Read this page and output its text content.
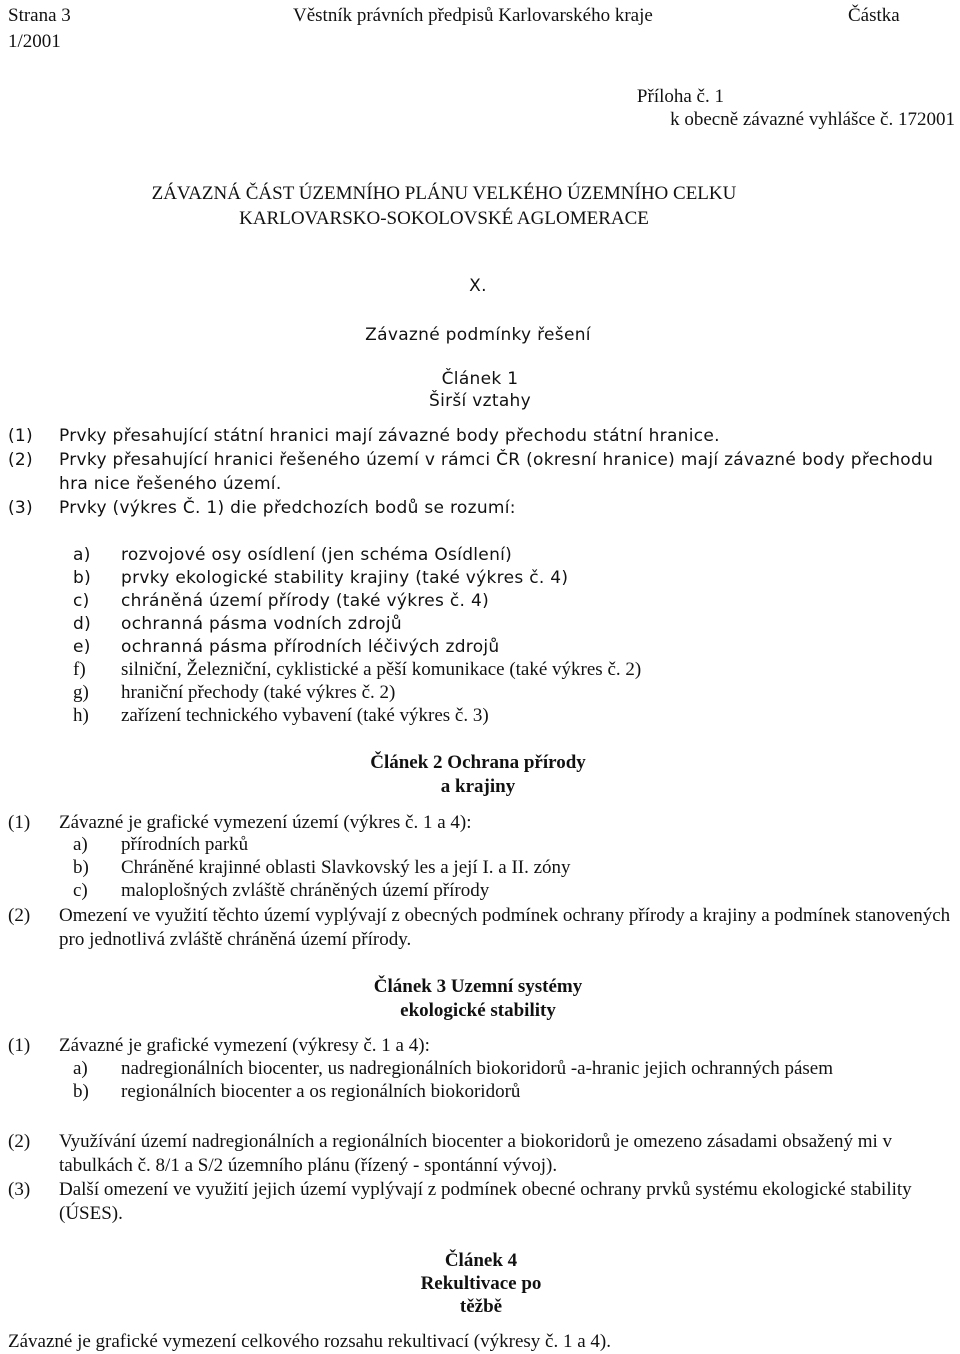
Strana 3
1/2001
Věstník právních předpisů Karlovarského kraje	Částka
Příloha č. 1
k obecně závazné vyhlášce č. 172001
ZÁVAZNÁ ČÁST ÚZEMNÍHO PLÁNU VELKÉHO ÚZEMNÍHO CELKU
KARLOVARSKO-SOKOLOVSKÉ AGLOMERACE
X.
Závazné podmínky řešení
Článek 1
Širší vztahy
(1) Prvky přesahující státní hranici mají závazné body přechodu státní hranice.
(2) Prvky přesahující hranici řešeného území v rámci ČR (okresní hranice) mají závazné body přechodu hra nice řešeného území.
(3) Prvky (výkres Č. 1) die předchozích bodů se rozumí:
a) rozvojové osy osídlení (jen schéma Osídlení)
b) prvky ekologické stability krajiny (také výkres č. 4)
c) chráněná území přírody (také výkres č. 4)
d) ochranná pásma vodních zdrojů
e) ochranná pásma přírodních léčivých zdrojů
f) silniční, Železniční, cyklistické a pěší komunikace (také výkres č. 2)
g) hraniční přechody (také výkres č. 2)
h) zařízení technického vybavení (také výkres č. 3)
Článek 2 Ochrana přírody
a krajiny
(1) Závazné je grafické vymezení území (výkres č. 1 a 4):
a) přírodních parků
b) Chráněné krajinné oblasti Slavkovský les a její I. a II. zóny
c) maloplošných zvláště chráněných území přírody
(2) Omezení ve využití těchto území vyplývají z obecných podmínek ochrany přírody a krajiny a podmínek stanovených pro jednotlivá zvláště chráněná území přírody.
Článek 3 Uzemní systémy
ekologické stability
(1) Závazné je grafické vymezení (výkresy č. 1 a 4):
a) nadregionálních biocenter, us nadregionálních biokoridorů -a-hranic jejich ochranných pásem
b) regionálních biocenter a os regionálních biokoridorů
(2) Využívání území nadregionálních a regionálních biocenter a biokoridorů je omezeno zásadami obsažený mi v tabulkách č. 8/1 a S/2 územního plánu (řízený - spontánní vývoj).
(3) Další omezení ve využití jejich území vyplývají z podmínek obecné ochrany prvků systému ekologické stability (ÚSES).
Článek 4
Rekultivace po
těžbě
Závazné je grafické vymezení celkového rozsahu rekultivací (výkresy č. 1 a 4).
